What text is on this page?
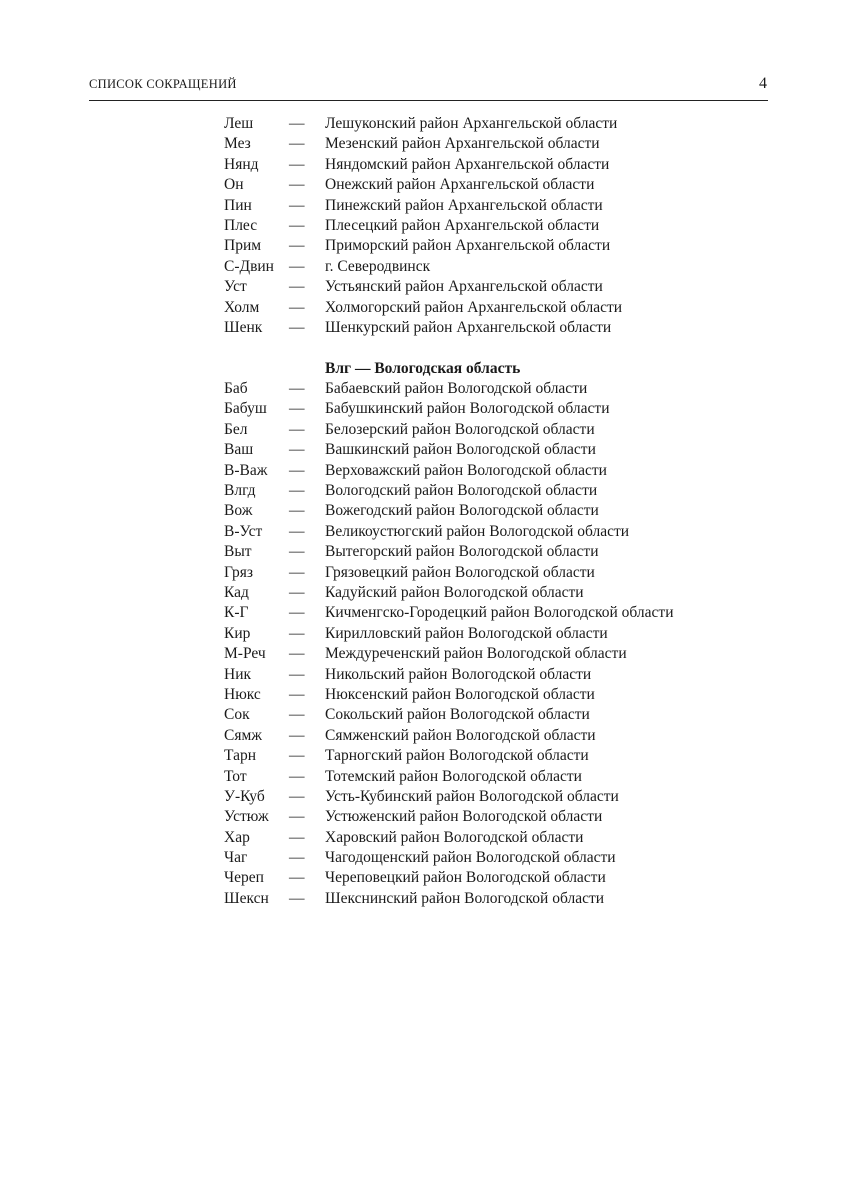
СПИСОК СОКРАЩЕНИЙ	4
Леш — Лешуконский район Архангельской области
Мез — Мезенский район Архангельской области
Нянд — Няндомский район Архангельской области
Он	— Онежский район Архангельской области
Пин — Пинежский район Архангельской области
Плес — Плесецкий район Архангельской области
Прим — Приморский район Архангельской области
С-Двин — г. Северодвинск
Уст	— Устьянский район Архангельской области
Холм — Холмогорский район Архангельской области
Шенк — Шенкурский район Архангельской области
Влг — Вологодская область
Баб	— Бабаевский район Вологодской области
Бабуш — Бабушкинский район Вологодской области
Бел	— Белозерский район Вологодской области
Ваш — Вашкинский район Вологодской области
В-Важ — Верховажский район Вологодской области
Влгд — Вологодский район Вологодской области
Вож — Вожегодский район Вологодской области
В-Уст — Великоустюгский район Вологодской области
Выт — Вытегорский район Вологодской области
Гряз — Грязовецкий район Вологодской области
Кад	— Кадуйский район Вологодской области
К-Г	— Кичменгско-Городецкий район Вологодской области
Кир — Кирилловский район Вологодской области
М-Реч — Междуреченский район Вологодской области
Ник — Никольский район Вологодской области
Нюкс — Нюксенский район Вологодской области
Сок	— Сокольский район Вологодской области
Сямж — Сямженский район Вологодской области
Тарн — Тарногский район Вологодской области
Тот	— Тотемский район Вологодской области
У-Куб — Усть-Кубинский район Вологодской области
Устюж — Устюженский район Вологодской области
Хар	— Харовский район Вологодской области
Чаг	— Чагодощенский район Вологодской области
Череп — Череповецкий район Вологодской области
Шексн — Шекснинский район Вологодской области
